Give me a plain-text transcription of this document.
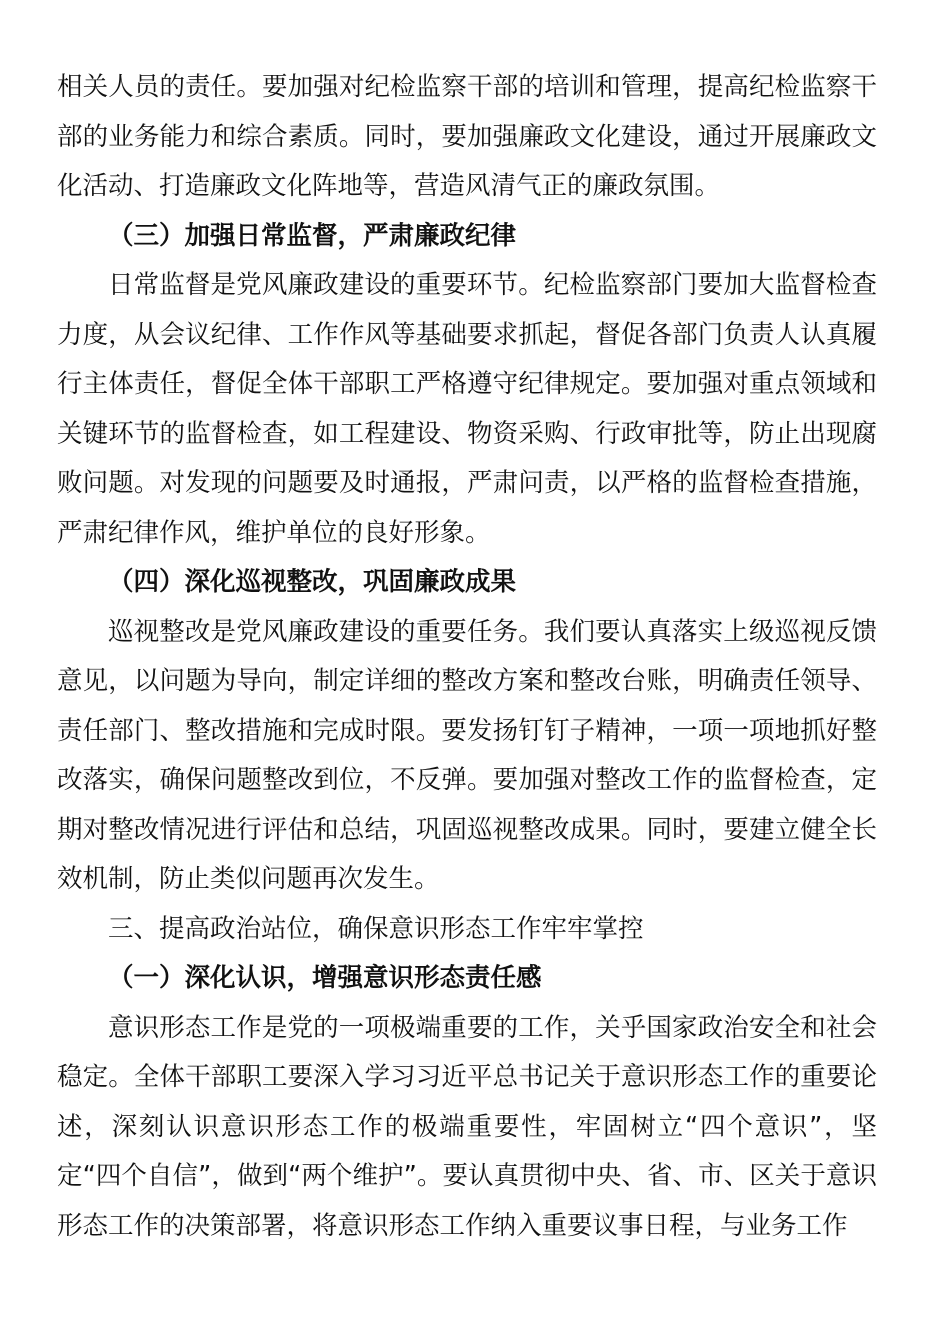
相关人员的责任。要加强对纪检监察干部的培训和管理，提高纪检监察干部的业务能力和综合素质。同时，要加强廉政文化建设，通过开展廉政文化活动、打造廉政文化阵地等，营造风清气正的廉政氛围。

（三）加强日常监督，严肃廉政纪律

日常监督是党风廉政建设的重要环节。纪检监察部门要加大监督检查力度，从会议纪律、工作作风等基础要求抓起，督促各部门负责人认真履行主体责任，督促全体干部职工严格遵守纪律规定。要加强对重点领域和关键环节的监督检查，如工程建设、物资采购、行政审批等，防止出现腐败问题。对发现的问题要及时通报，严肃问责，以严格的监督检查措施，严肃纪律作风，维护单位的良好形象。

（四）深化巡视整改，巩固廉政成果

巡视整改是党风廉政建设的重要任务。我们要认真落实上级巡视反馈意见，以问题为导向，制定详细的整改方案和整改台账，明确责任领导、责任部门、整改措施和完成时限。要发扬钉钉子精神，一项一项地抓好整改落实，确保问题整改到位，不反弹。要加强对整改工作的监督检查，定期对整改情况进行评估和总结，巩固巡视整改成果。同时，要建立健全长效机制，防止类似问题再次发生。

三、提高政治站位，确保意识形态工作牢牢掌控

（一）深化认识，增强意识形态责任感

意识形态工作是党的一项极端重要的工作，关乎国家政治安全和社会稳定。全体干部职工要深入学习习近平总书记关于意识形态工作的重要论述，深刻认识意识形态工作的极端重要性，牢固树立“四个意识”，坚定“四个自信”，做到“两个维护”。要认真贯彻中央、省、市、区关于意识形态工作的决策部署，将意识形态工作纳入重要议事日程，与业务工作
